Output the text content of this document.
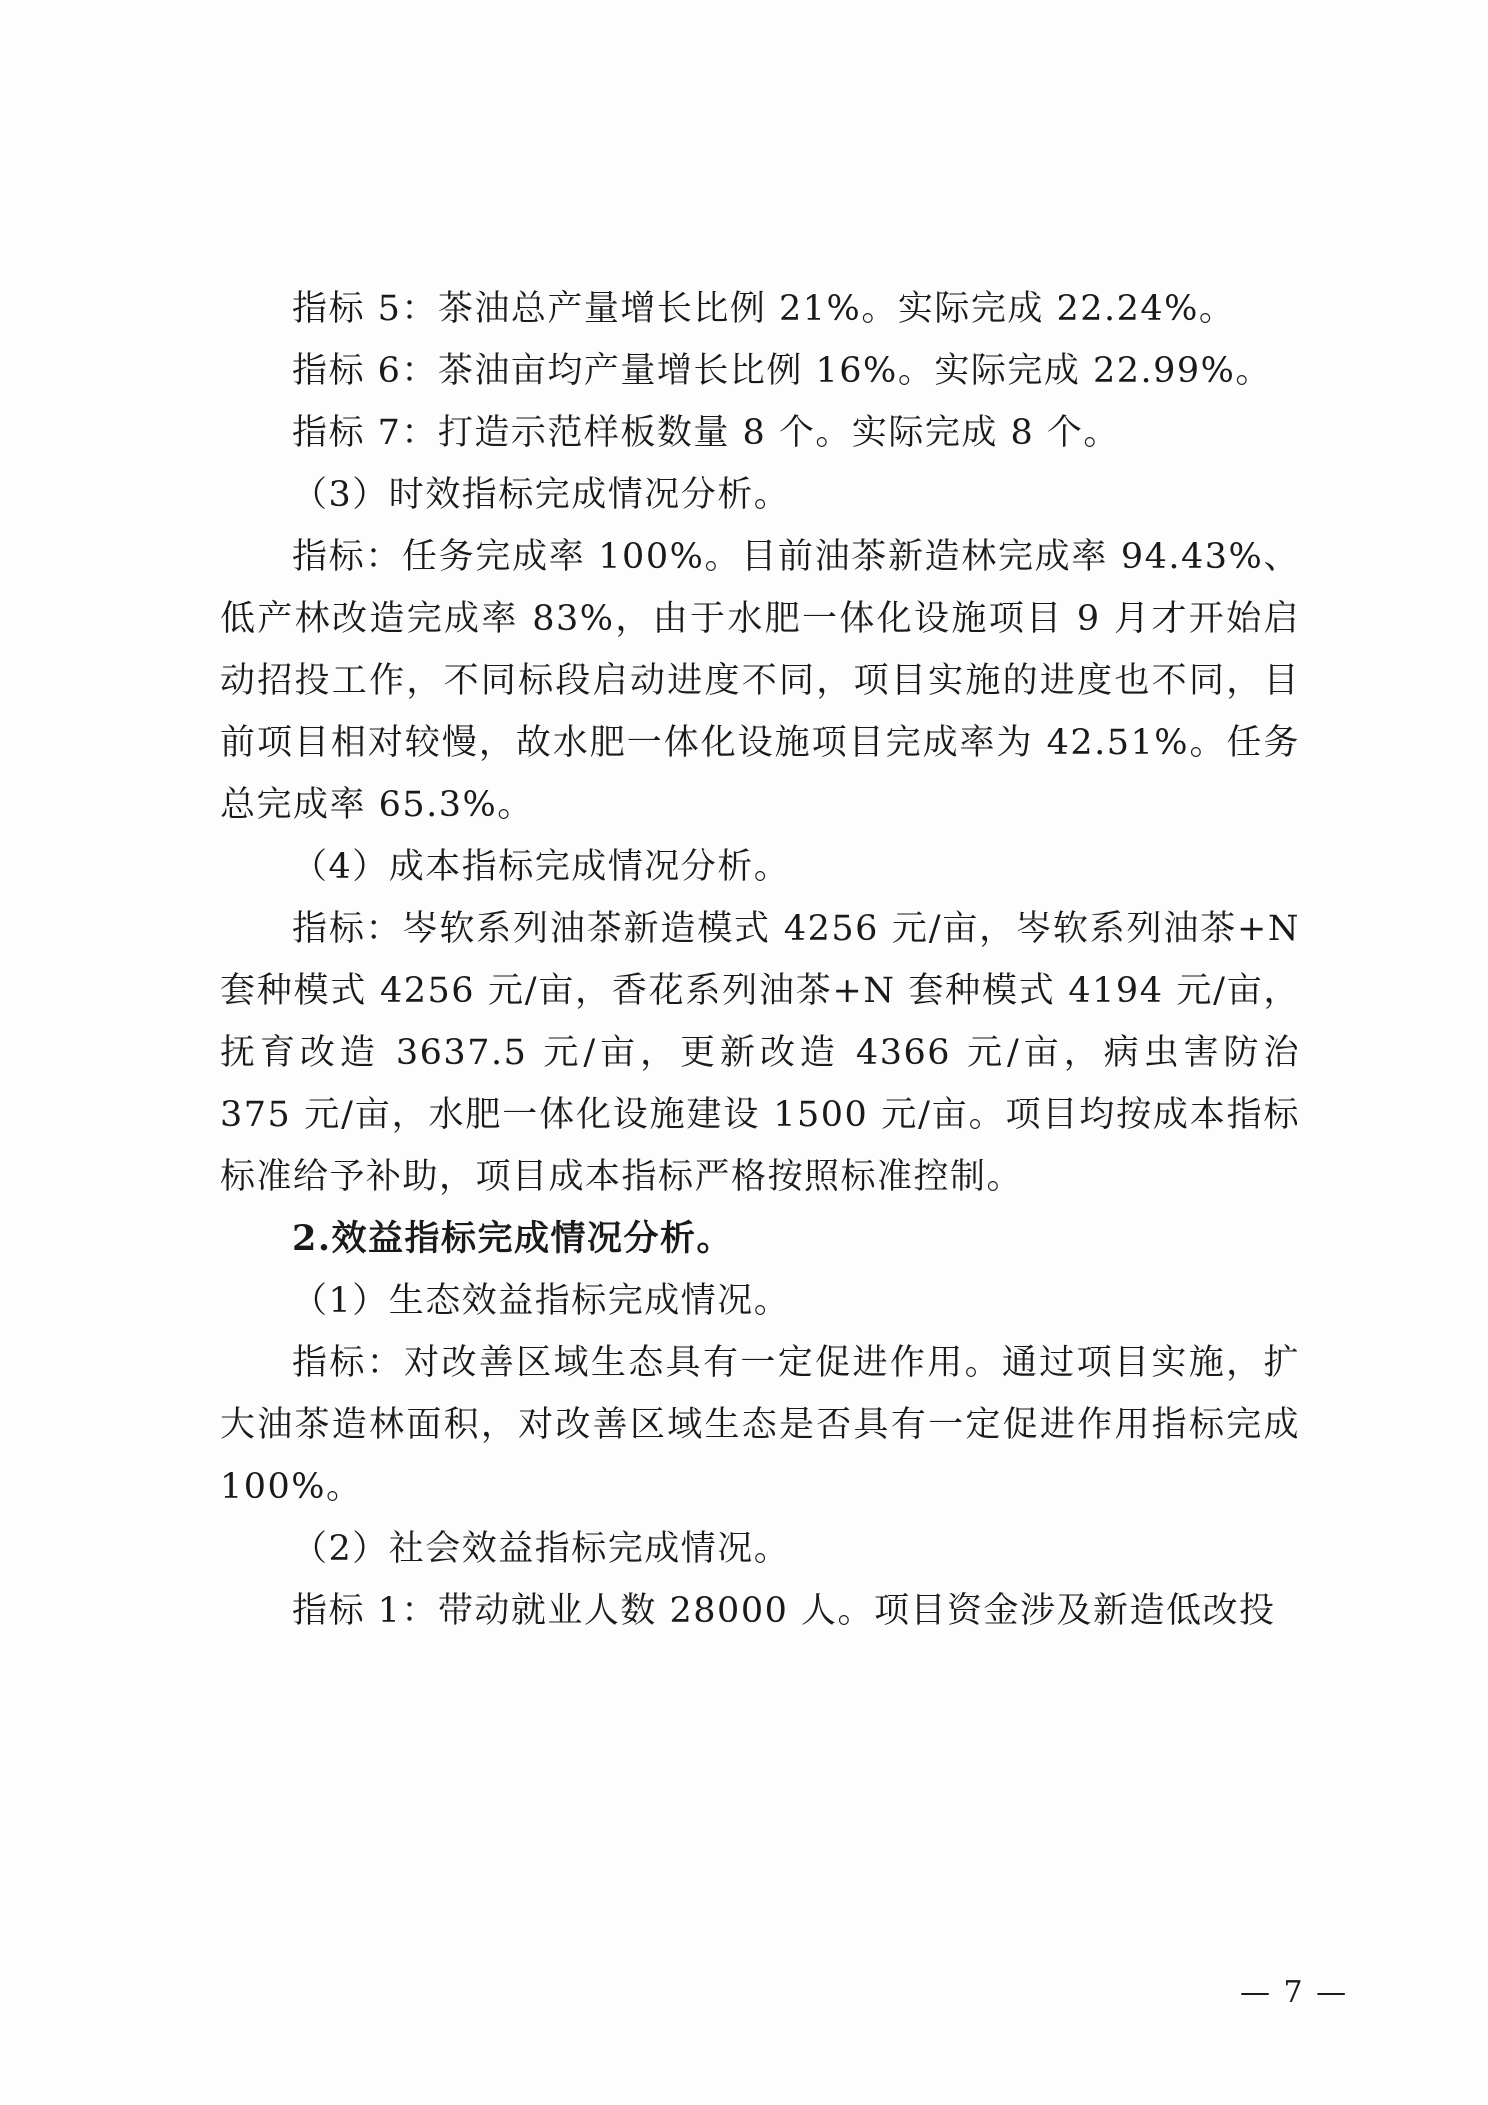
指标 5：茶油总产量增长比例 21%。实际完成 22.24%。

指标 6：茶油亩均产量增长比例 16%。实际完成 22.99%。

指标 7：打造示范样板数量 8 个。实际完成 8 个。

（3）时效指标完成情况分析。

指标：任务完成率 100%。目前油茶新造林完成率 94.43%、低产林改造完成率 83%，由于水肥一体化设施项目 9 月才开始启动招投工作，不同标段启动进度不同，项目实施的进度也不同，目前项目相对较慢，故水肥一体化设施项目完成率为 42.51%。任务总完成率 65.3%。

（4）成本指标完成情况分析。

指标：岑软系列油茶新造模式 4256 元/亩，岑软系列油茶+N 套种模式 4256 元/亩，香花系列油茶+N 套种模式 4194 元/亩，抚育改造 3637.5 元/亩，更新改造 4366 元/亩，病虫害防治 375 元/亩，水肥一体化设施建设 1500 元/亩。项目均按成本指标标准给予补助，项目成本指标严格按照标准控制。

2.效益指标完成情况分析。

（1）生态效益指标完成情况。

指标：对改善区域生态具有一定促进作用。通过项目实施，扩大油茶造林面积，对改善区域生态是否具有一定促进作用指标完成 100%。

（2）社会效益指标完成情况。

指标 1：带动就业人数 28000 人。项目资金涉及新造低改投

— 7 —
